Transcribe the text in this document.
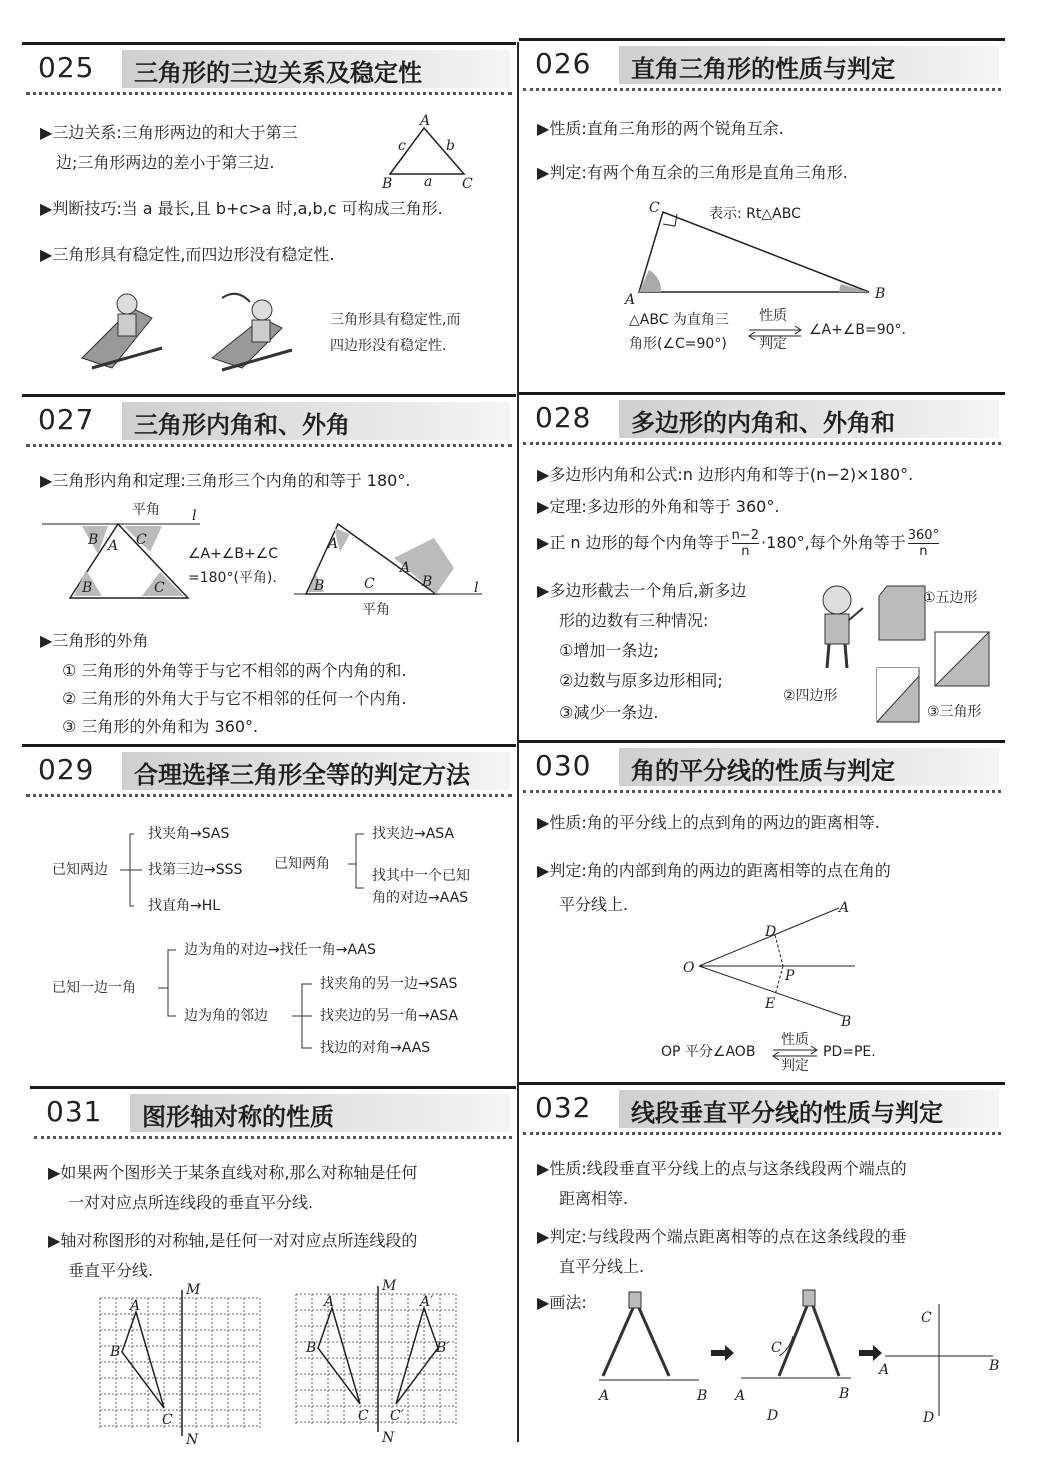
025 三角形的三边关系及稳定性
▶三边关系:三角形两边的和大于第三
边;三角形两边的差小于第三边.
A
B	C
c	b
a
▶判断技巧:当 a 最长,且 b+c>a 时,a,b,c 可构成三角形.
▶三角形具有稳定性,而四边形没有稳定性.
三角形具有稳定性,而
四边形没有稳定性.
026 直角三角形的性质与判定
▶性质:直角三角形的两个锐角互余.
▶判定:有两个角互余的三角形是直角三角形.
A
C
B
表示: Rt△ABC
△ABC 为直角三
角形(∠C=90°)
性质
判定
∠A+∠B=90°.
027 三角形内角和、外角
▶三角形内角和定理:三角形三个内角的和等于 180°.
B A C
B	C
l
平角
∠A+∠B+∠C
=180°(平角).
A
B	C
A
B	l
平角
▶三角形的外角
① 三角形的外角等于与它不相邻的两个内角的和.
② 三角形的外角大于与它不相邻的任何一个内角.
③ 三角形的外角和为 360°.
028 多边形的内角和、外角和
▶多边形内角和公式:n 边形内角和等于(n−2)×180°.
▶定理:多边形的外角和等于 360°.
▶正 n 边形的每个内角等于 $\frac{n-2}{n} \cdot 180^\circ$,每个外角等于 $\frac{360^\circ}{n}$
▶多边形截去一个角后,新多边
形的边数有三种情况:
①增加一条边;
②边数与原多边形相同;
③减少一条边.
①五边形
②四边形
③三角形
029 合理选择三角形全等的判定方法
已知两边
找夹角→SAS
找第三边→SSS
找直角→HL
已知两角
找夹边→ASA
找其中一个已知
角的对边→AAS
已知一边一角
边为角的对边→找任一角→AAS
边为角的邻边
找夹角的另一边→SAS
找夹边的另一角→ASA
找边的对角→AAS
030 角的平分线的性质与判定
▶性质:角的平分线上的点到角的两边的距离相等.
▶判定:角的内部到角的两边的距离相等的点在角的
平分线上.
O
A
B
D
P
E
OP 平分∠AOB
性质
判定
PD=PE.
031 图形轴对称的性质
▶如果两个图形关于某条直线对称,那么对称轴是任何
一对对应点所连线段的垂直平分线.
▶轴对称图形的对称轴,是任何一对对应点所连线段的
垂直平分线.
A
B
C
M
N
A
B
C
A′
B′
C′
M
N
032 线段垂直平分线的性质与判定
▶性质:线段垂直平分线上的点与这条线段两个端点的
距离相等.
▶判定:与线段两个端点距离相等的点在这条线段的垂
直平分线上.
▶画法:
A	B A	B
C
D
A	B
C
D
